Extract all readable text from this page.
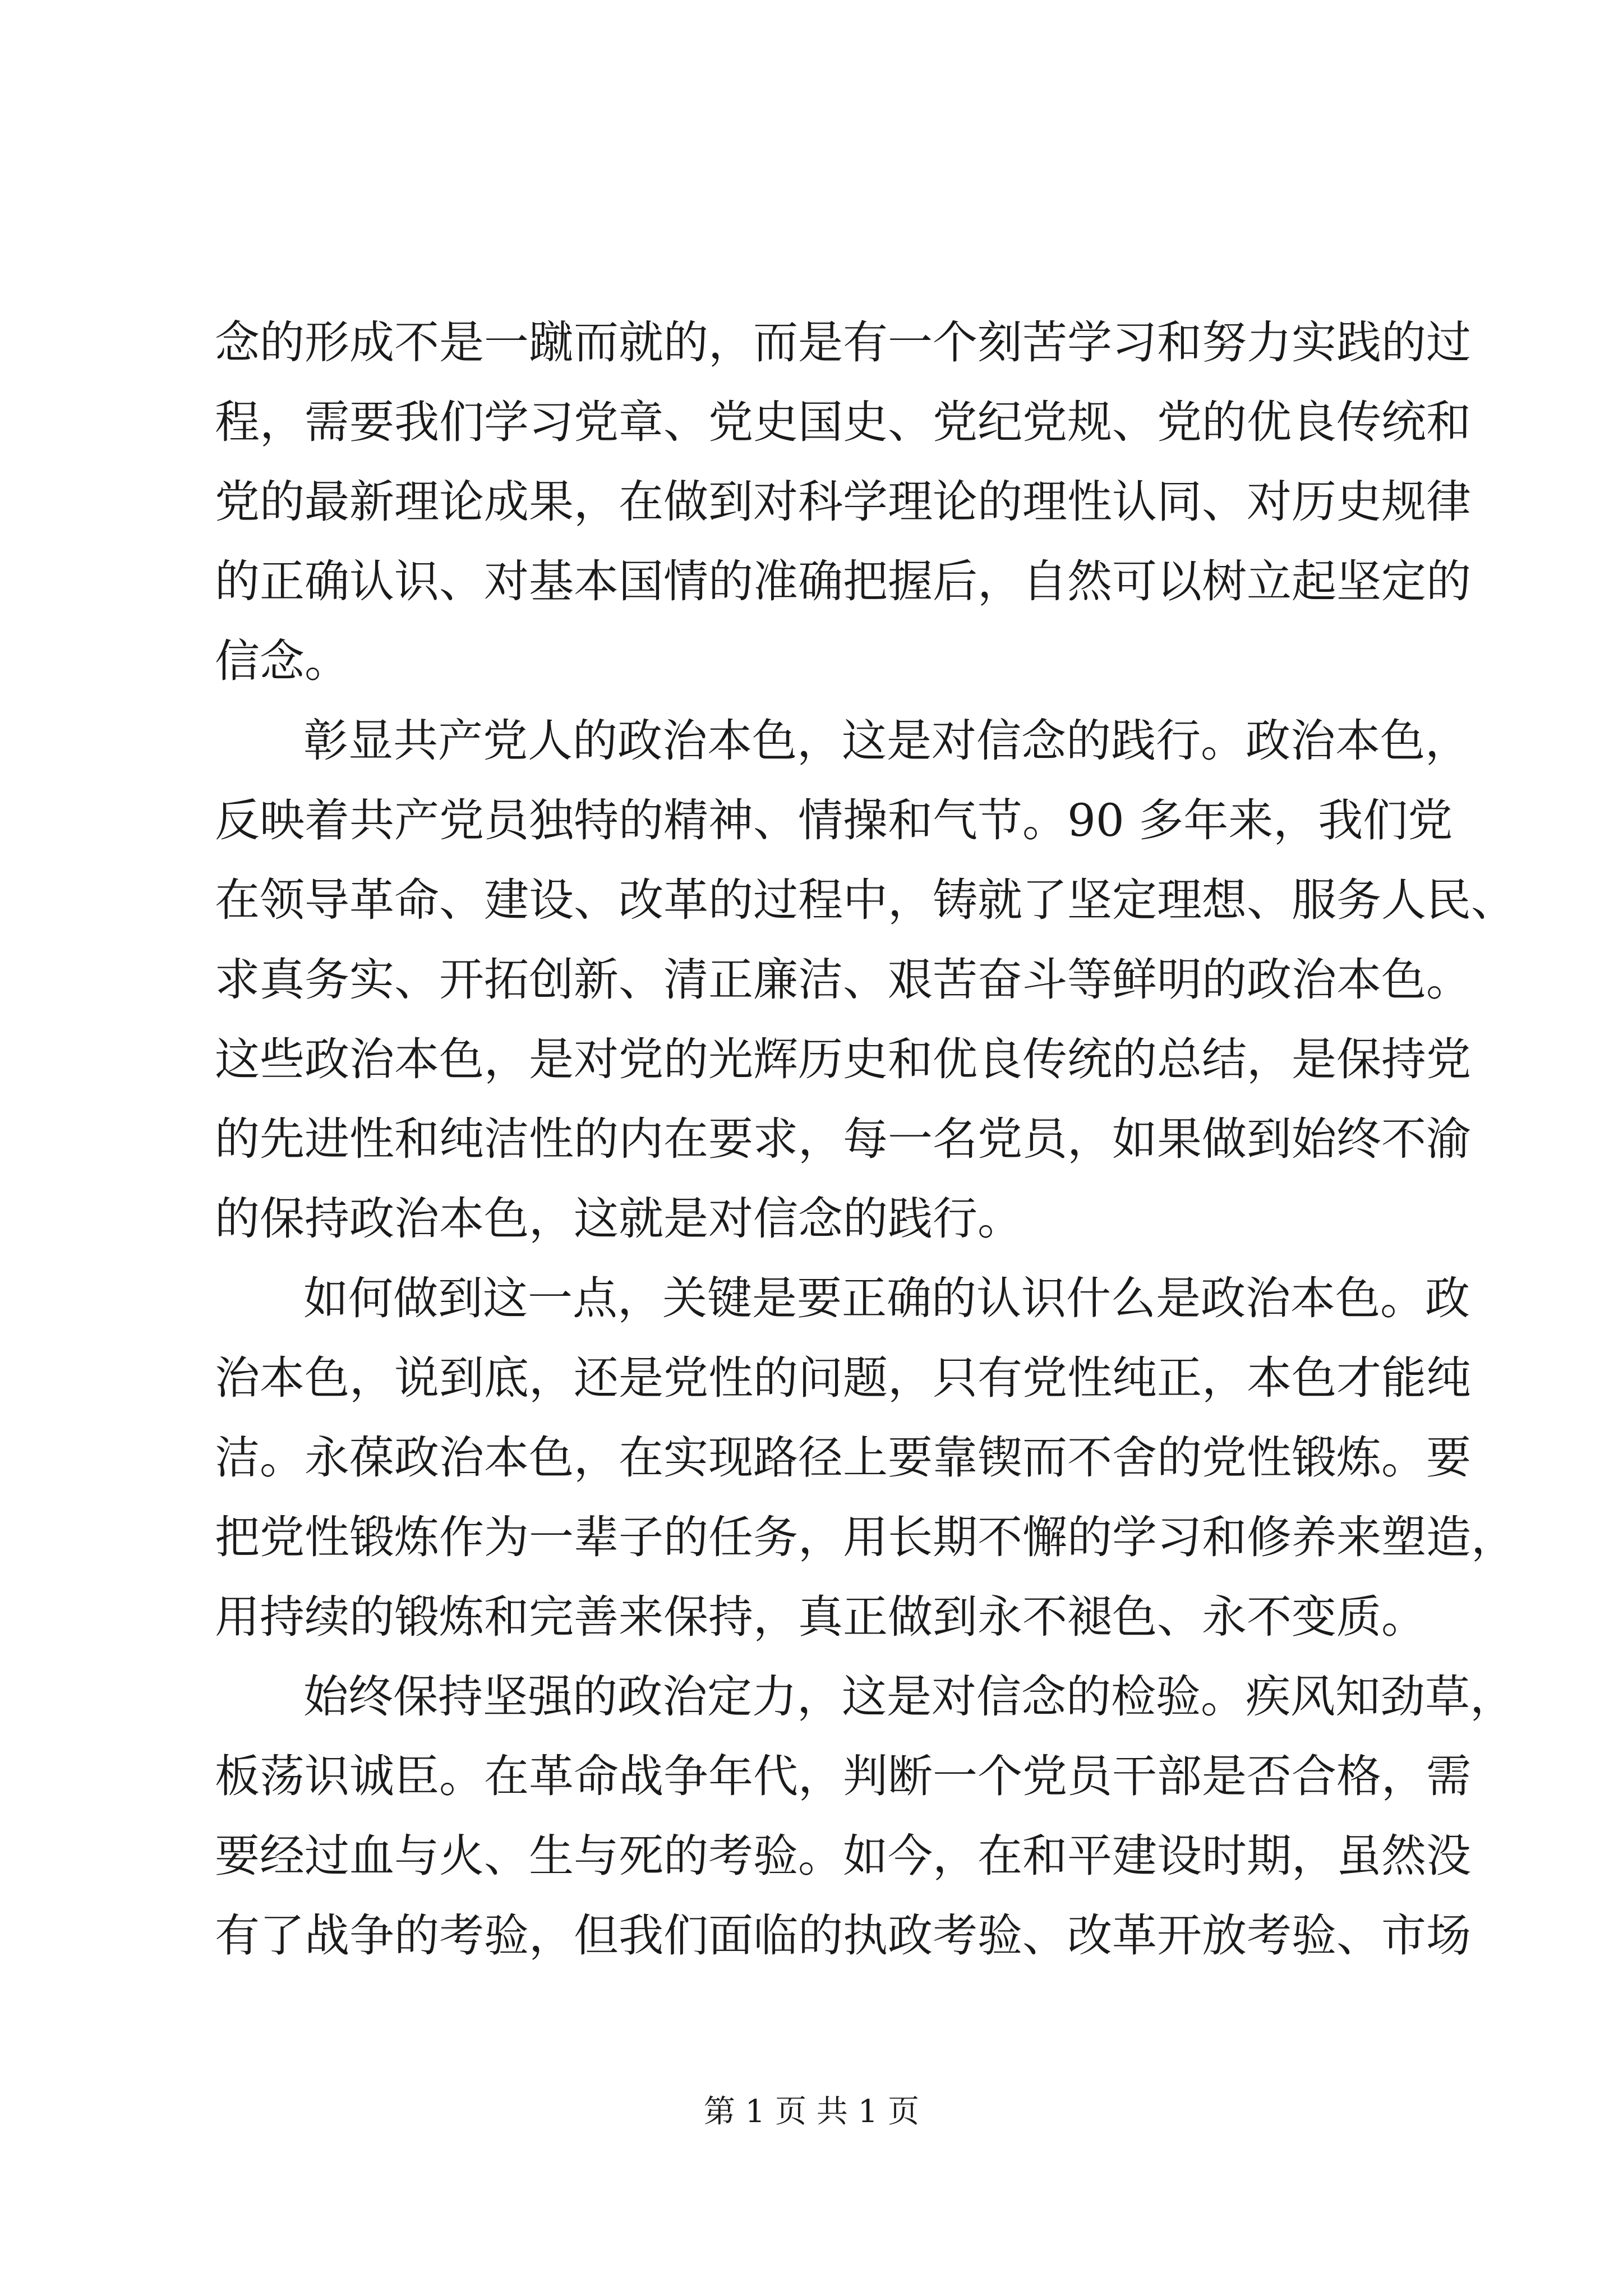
念的形成不是一蹴而就的，而是有一个刻苦学习和努力实践的过
程，需要我们学习党章、党史国史、党纪党规、党的优良传统和
党的最新理论成果，在做到对科学理论的理性认同、对历史规律
的正确认识、对基本国情的准确把握后，自然可以树立起坚定的
信念。
彰显共产党人的政治本色，这是对信念的践行。政治本色，
反映着共产党员独特的精神、情操和气节。90 多年来，我们党
在领导革命、建设、改革的过程中，铸就了坚定理想、服务人民、
求真务实、开拓创新、清正廉洁、艰苦奋斗等鲜明的政治本色。
这些政治本色，是对党的光辉历史和优良传统的总结，是保持党
的先进性和纯洁性的内在要求，每一名党员，如果做到始终不渝
的保持政治本色，这就是对信念的践行。
如何做到这一点，关键是要正确的认识什么是政治本色。政
治本色，说到底，还是党性的问题，只有党性纯正，本色才能纯
洁。永葆政治本色，在实现路径上要靠锲而不舍的党性锻炼。要
把党性锻炼作为一辈子的任务，用长期不懈的学习和修养来塑造，
用持续的锻炼和完善来保持，真正做到永不褪色、永不变质。
始终保持坚强的政治定力，这是对信念的检验。疾风知劲草，
板荡识诚臣。在革命战争年代，判断一个党员干部是否合格，需
要经过血与火、生与死的考验。如今，在和平建设时期，虽然没
有了战争的考验，但我们面临的执政考验、改革开放考验、市场
第 1 页 共 1 页
